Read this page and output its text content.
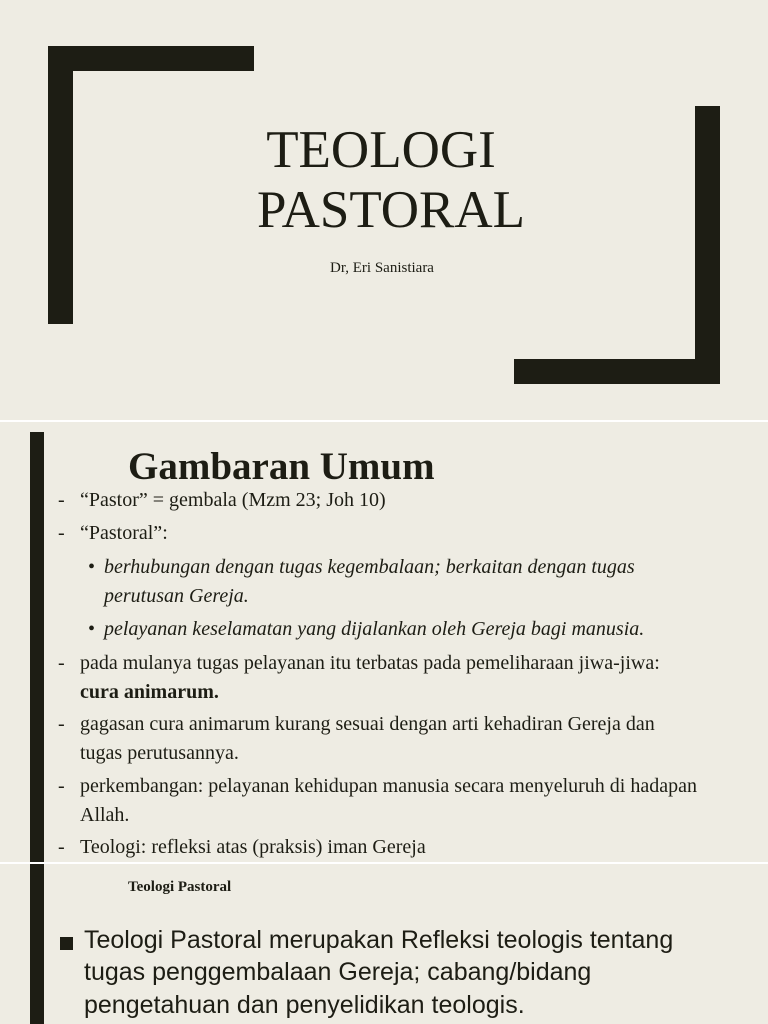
TEOLOGI
PASTORAL
Dr, Eri Sanistiara
Gambaran Umum
- “Pastor” = gembala (Mzm 23; Joh 10)
- “Pastoral”:
• berhubungan dengan tugas kegembalaan; berkaitan dengan tugas
perutusan Gereja.
• pelayanan keselamatan yang dijalankan oleh Gereja bagi manusia.
- pada mulanya tugas pelayanan itu terbatas pada pemeliharaan jiwa-jiwa:
cura animarum.
- gagasan cura animarum kurang sesuai dengan arti kehadiran Gereja dan
tugas perutusannya.
- perkembangan: pelayanan kehidupan manusia secara menyeluruh di hadapan
Allah.
- Teologi: refleksi atas (praksis) iman Gereja
Teologi Pastoral
Teologi Pastoral merupakan Refleksi teologis tentang
tugas penggembalaan Gereja; cabang/bidang
pengetahuan dan penyelidikan teologis.
